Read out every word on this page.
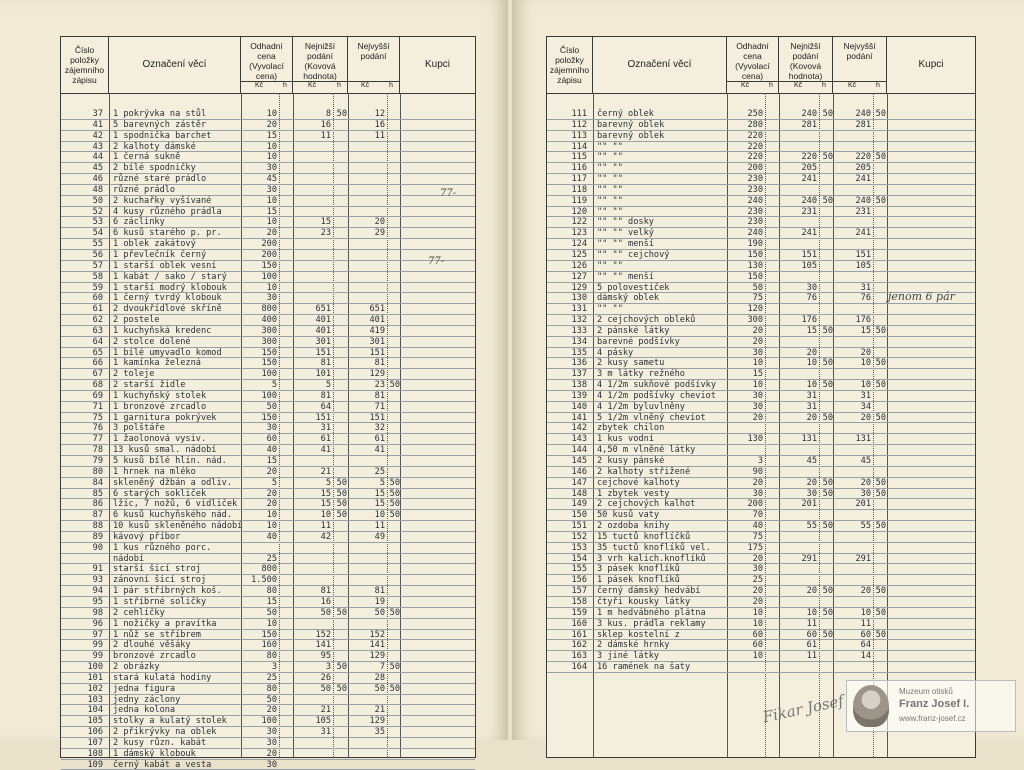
Číslo položky zájemního zápisu
Označení věcí
Odhadní cena (Vyvolací cena)
Nejnižší podání (Kovová hodnota)
Nejvyšší podání
Kupci
Kč	h	Kč	h	Kč	h
37 1 pokrývka na stůl	10	8 50	12
41 5 barevných zástěr	20	16	16
42 1 spodnička barchet	15	11	11
43 2 kalhoty dámské	10
44 1 černá sukně	10
45 2 bílé spodničky	30
46 různé staré prádlo	45
48 různé prádlo	30
50 2 kuchařky vyšívané	10
52 4 kusy různého prádla	15
53 6 záclinky	10	15	20
54 6 kusů starého p. pr.	20	23	29
55 1 oblek zakátový	200
56 1 převlečník černý	200
57 1 starší oblek vesní	150
58 1 kabát / sako / starý	100
59 1 starší modrý klobouk	10
60 1 černý tvrdý klobouk	30
61 2 dvoukřídlové skříně	800	651	651
62 2 postele	400	401	401
63 1 kuchyňská kredenc	300	401	419
64 2 stolce dolené	300	301	301
65 1 bílé umyvadlo komod	150	151	151
66 1 kamínka železná	150	81	81
67 2 toleje	100	101	129
68 2 starší židle	5	5	23 50
69 1 kuchyňský stolek	100	81	81
71 1 bronzové zrcadlo	50	64	71
75 1 garnitura pokrývek	150	151	151
76 3 polštáře	30	31	32
77 1 žaolonová vysiv.	60	61	61
78 13 kusů smal. nádobí	40	41	41
79 5 kusů bílé hlin. nád.	15
80 1 hrnek na mléko	20	21	25
84 skleněný džbán a odliv.	5	5 50	5 50
85 6 starých sokliček	20	15 50	15 50
86 lžíc, 7 nožů, 6 vidliček	20	15 50	15 50
87 6 kusů kuchyňského nád.	10	10 50	10 50
88 10 kusů skleněného nádobí	10	11	11
89 kávový příbor	40	42	49
90 1 kus různého porc.
nádobí	25
91 starší šicí stroj	800
93 zánovní šicí stroj	1.500
94 1 pár stříbrných koš.	80	81	81
95 1 stříbrné soličky	15	16	19
98 2 cehlíčky	50	50 50	50 50
96 1 nožičky a pravítka	10
97 1 nůž se stříbrem	150	152	152
99 2 dlouhé věšáky	160	141	141
99 bronzové zrcadlo	80	95	129
100 2 obrázky	3	3 50	7 50
101 stará kulatá hodiny	25	26	28
102 jedna figura	80	50 50	50 50
103 jedny záclony	50
104 jedna kolona	20	21	21
105 stolky a kulatý stolek	100	105	129
106 2 přikrývky na oblek	30	31	35
107 2 kusy různ. kabát	30
108 1 dámský klobouk	20
109 černý kabát a vesta	30
77-
77-
Číslo položky zájemního zápisu
Označení věcí
Odhadní cena (Vyvolací cena)
Nejnižší podání (Kovová hodnota)
Nejvyšší podání
Kupci
Kč	h	Kč	h	Kč	h
111 černý oblek	250	240 50	240 50
112 barevný oblek	280	281	281
113 barevný oblek	220
114 "" ""	220
115 "" ""	220	220 50	220 50
116 "" ""	200	205	205
117 "" ""	230	241	241
118 "" ""	230
119 "" ""	240	240 50	240 50
120 "" ""	230	231	231
122 "" "" dosky	230
123 "" "" velký	240	241	241
124 "" "" menší	190
125 "" "" cejchový	150	151	151
126 "" ""	130	105	105
127 "" "" menší	150
129 5 polovestiček	50	30	31
130 dámský oblek	75	76	76
131 "" ""	120
132 2 cejchových obleků	300	176	176
133 2 pánské látky	20	15 50	15 50
134 barevné podšívky	20
135 4 pásky	30	20	20
136 2 kusy sametu	10	10 50	10 50
137 3 m látky režného	15
138 4 1/2m sukňové podšívky	10	10 50	10 50
139 4 1/2m podšívky cheviot	30	31	31
140 4 1/2m byluvlněny	30	31	34
141 5 1/2m vlněný cheviot	20	20 50	20 50
142 zbytek chilon
143 1 kus vodní	130	131	131
144 4,50 m vlněné látky
145 2 kusy pánské	3	45	45
146 2 kalhoty střižené	90
147 cejchové kalhoty	20	20 50	20 50
148 1 zbytek vesty	30	30 50	30 50
149 2 cejchových kalhot	200	201	201
150 50 kusů vaty	70
151 2 ozdoba knihy	40	55 50	55 50
152 15 tuctů knoflíčků	75
153 35 tuctů knoflíků vel.	175
154 3 vrh kalich.knoflíků	20	291	291
155 3 pásek knoflíků	30
156 1 pásek knoflíků	25
157 černý dámský hedvábí	20	20 50	20 50
158 čtyři kousky látky	20
159 1 m hedvábného plátna	10	10 50	10 50
160 3 kus. prádla reklamy	10	11	11
161 sklep kostelní z	60	60 50	60 50
162 2 dámské hrnky	60	61	64
163 3 jiné látky	10	11	14
164 16 ramének na šaty
jenom 6 pár
Fikar Josef
Muzeum otisků
Franz Josef I.
www.franz-josef.cz
